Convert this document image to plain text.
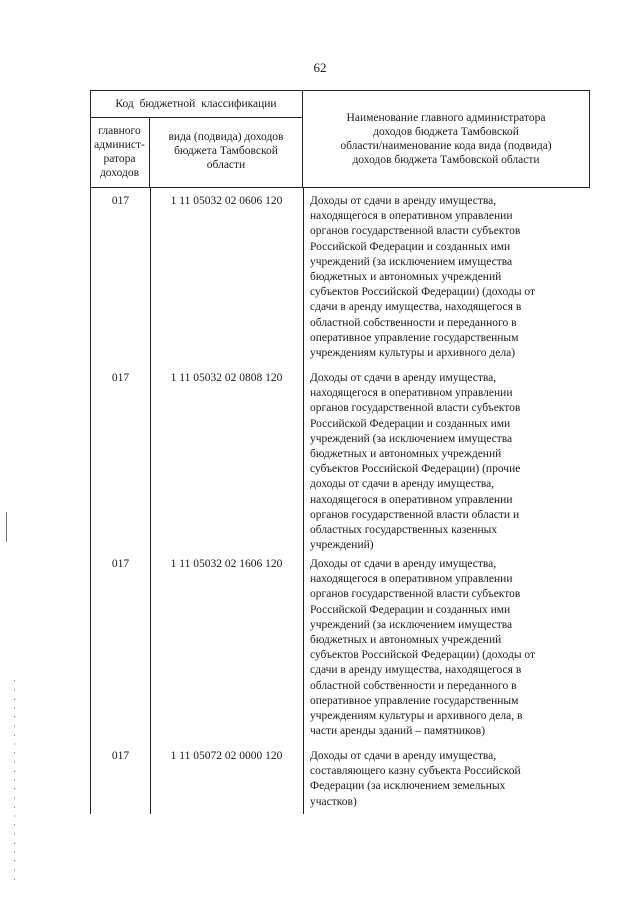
62
Код бюджетной классификации
главного
админист-
ратора
доходов
вида (подвида) доходов
бюджета Тамбовской
области
Наименование главного администратора
доходов бюджета Тамбовской
области/наименование кода вида (подвида)
доходов бюджета Тамбовской области
017	1 11 05032 02 0606 120	Доходы от сдачи в аренду имущества,
находящегося в оперативном управлении
органов государственной власти субъектов
Российской Федерации и созданных ими
учреждений (за исключением имущества
бюджетных и автономных учреждений
субъектов Российской Федерации) (доходы от
сдачи в аренду имущества, находящегося в
областной собственности и переданного в
оперативное управление государственным
учреждениям культуры и архивного дела)
017	1 11 05032 02 0808 120	Доходы от сдачи в аренду имущества,
находящегося в оперативном управлении
органов государственной власти субъектов
Российской Федерации и созданных ими
учреждений (за исключением имущества
бюджетных и автономных учреждений
субъектов Российской Федерации) (прочие
доходы от сдачи в аренду имущества,
находящегося в оперативном управлении
органов государственной власти области и
областных государственных казенных
учреждений)
017	1 11 05032 02 1606 120	Доходы от сдачи в аренду имущества,
находящегося в оперативном управлении
органов государственной власти субъектов
Российской Федерации и созданных ими
учреждений (за исключением имущества
бюджетных и автономных учреждений
субъектов Российской Федерации) (доходы от
сдачи в аренду имущества, находящегося в
областной собственности и переданного в
оперативное управление государственным
учреждениям культуры и архивного дела, в
части аренды зданий – памятников)
017	1 11 05072 02 0000 120	Доходы от сдачи в аренду имущества,
составляющего казну субъекта Российской
Федерации (за исключением земельных
участков)
